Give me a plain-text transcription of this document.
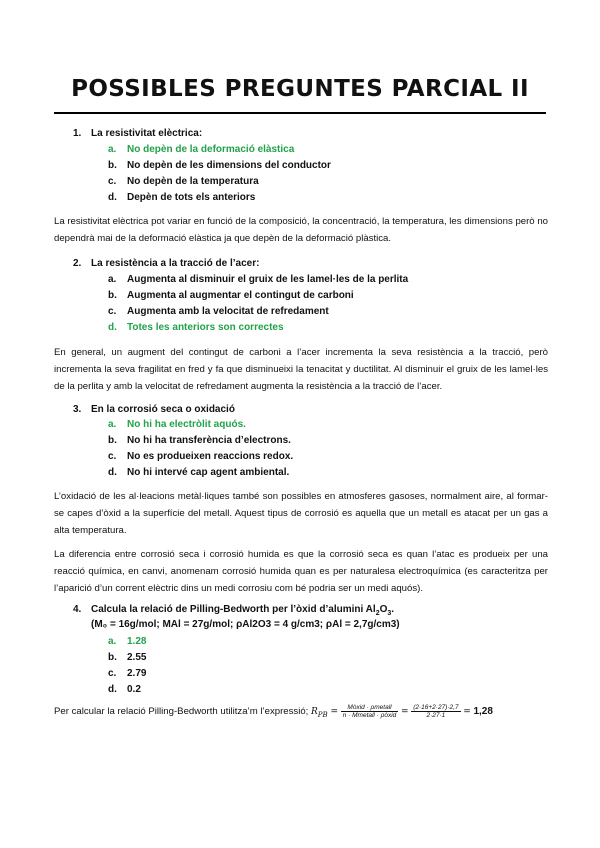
POSSIBLES PREGUNTES PARCIAL II
1. La resistivitat elèctrica:
a. No depèn de la deformació elàstica
b. No depèn de les dimensions del conductor
c. No depèn de la temperatura
d. Depèn de tots els anteriors
La resistivitat elèctrica pot variar en funció de la composició, la concentració, la temperatura, les dimensions però no dependrà mai de la deformació elàstica ja que depèn de la deformació plàstica.
2. La resistència a la tracció de l’acer:
a. Augmenta al disminuir el gruix de les lamel·les de la perlita
b. Augmenta al augmentar el contingut de carboni
c. Augmenta amb la velocitat de refredament
d. Totes les anteriors son correctes
En general, un augment del contingut de carboni a l’acer incrementa la seva resistència a la tracció, però incrementa la seva fragilitat en fred y fa que disminueixi la tenacitat y ductilitat. Al disminuir el gruix de les lamel·les de la perlita y amb la velocitat de refredament augmenta la resistència a la tracció de l’acer.
3. En la corrosió seca o oxidació
a. No hi ha electròlit aquós.
b. No hi ha transferència d’electrons.
c. No es produeixen reaccions redox.
d. No hi intervé cap agent ambiental.
L’oxidació de les al·leacions metàl·liques també son possibles en atmosferes gasoses, normalment aire, al formar-se capes d’òxid a la superfície del metall. Aquest tipus de corrosió es aquella que un metall es atacat per un gas a alta temperatura.
La diferencia entre corrosió seca i corrosió humida es que la corrosió seca es quan l’atac es produeix per una reacció química, en canvi, anomenam corrosió humida quan es per naturalesa electroquímica (es caracteritza per l’aparició d’un corrent elèctric dins un medi corrosiu com bé podria ser un medi aquós).
4. Calcula la relació de Pilling-Bedworth per l’òxid d’alumini $Al_2O_3$.
(M₀ = 16g/mol; MAl = 27g/mol; ρAl2O3 = 4 g/cm3; ρAl = 2,7g/cm3)
a. 1.28
b. 2.55
c. 2.79
d. 0.2
Per calcular la relació Pilling-Bedworth utilitza’m l’expressió; $R_{PB} = \frac{\text{Mòxid · ρmetall}}{\text{n · Mmetall · ρòxid}} = \frac{(2\cdot 16+2\cdot 27)\cdot 2,7}{2\cdot 27\cdot 1} = 1,28$
